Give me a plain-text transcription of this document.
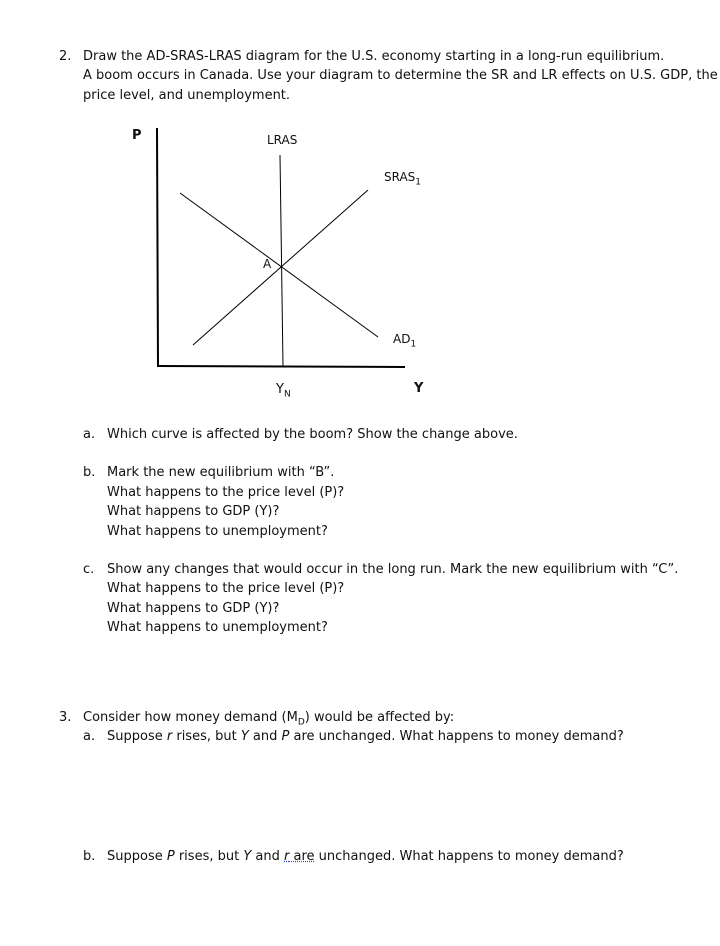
2. Draw the AD-SRAS-LRAS diagram for the U.S. economy starting in a long-run equilibrium.
A boom occurs in Canada. Use your diagram to determine the SR and LR effects on U.S. GDP, the
price level, and unemployment.
P	LRAS
$SRAS_1$
A
$AD_1$
$Y_N$	Y
a. Which curve is affected by the boom? Show the change above.
b. Mark the new equilibrium with “B”.
What happens to the price level (P)?
What happens to GDP (Y)?
What happens to unemployment?
c. Show any changes that would occur in the long run. Mark the new equilibrium with “C”.
What happens to the price level (P)?
What happens to GDP (Y)?
What happens to unemployment?
3. Consider how money demand $(M_D)$ would be affected by:
a. Suppose r rises, but Y and P are unchanged. What happens to money demand?
b. Suppose P rises, but Y and r are unchanged. What happens to money demand?
